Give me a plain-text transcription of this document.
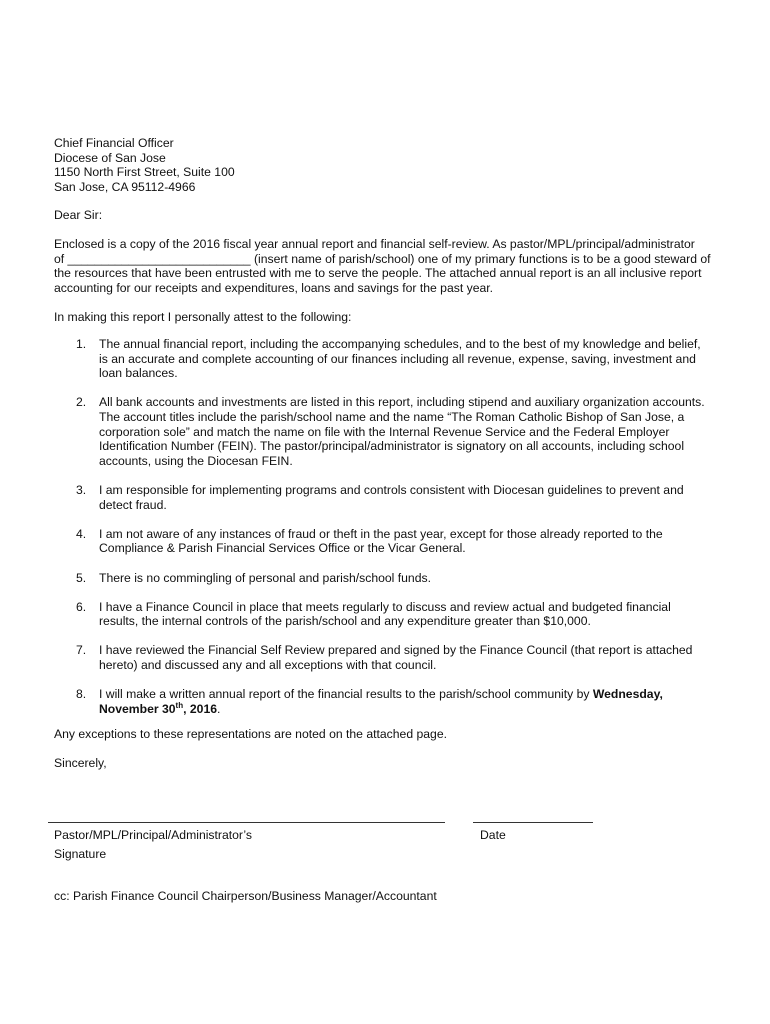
Chief Financial Officer
Diocese of San Jose
1150 North First Street, Suite 100
San Jose, CA 95112-4966
Dear Sir:
Enclosed is a copy of the 2016 fiscal year annual report and financial self-review. As pastor/MPL/principal/administrator
of ___________________________ (insert name of parish/school) one of my primary functions is to be a good steward of
the resources that have been entrusted with me to serve the people. The attached annual report is an all inclusive report
accounting for our receipts and expenditures, loans and savings for the past year.
In making this report I personally attest to the following:
1. The annual financial report, including the accompanying schedules, and to the best of my knowledge and belief,
is an accurate and complete accounting of our finances including all revenue, expense, saving, investment and
loan balances.
2. All bank accounts and investments are listed in this report, including stipend and auxiliary organization accounts.
The account titles include the parish/school name and the name “The Roman Catholic Bishop of San Jose, a
corporation sole” and match the name on file with the Internal Revenue Service and the Federal Employer
Identification Number (FEIN). The pastor/principal/administrator is signatory on all accounts, including school
accounts, using the Diocesan FEIN.
3. I am responsible for implementing programs and controls consistent with Diocesan guidelines to prevent and
detect fraud.
4. I am not aware of any instances of fraud or theft in the past year, except for those already reported to the
Compliance & Parish Financial Services Office or the Vicar General.
5. There is no commingling of personal and parish/school funds.
6. I have a Finance Council in place that meets regularly to discuss and review actual and budgeted financial
results, the internal controls of the parish/school and any expenditure greater than $10,000.
7. I have reviewed the Financial Self Review prepared and signed by the Finance Council (that report is attached
hereto) and discussed any and all exceptions with that council.
8. I will make a written annual report of the financial results to the parish/school community by Wednesday,
November 30th, 2016.
Any exceptions to these representations are noted on the attached page.
Sincerely,
Pastor/MPL/Principal/Administrator’s
Signature
Date
cc: Parish Finance Council Chairperson/Business Manager/Accountant
